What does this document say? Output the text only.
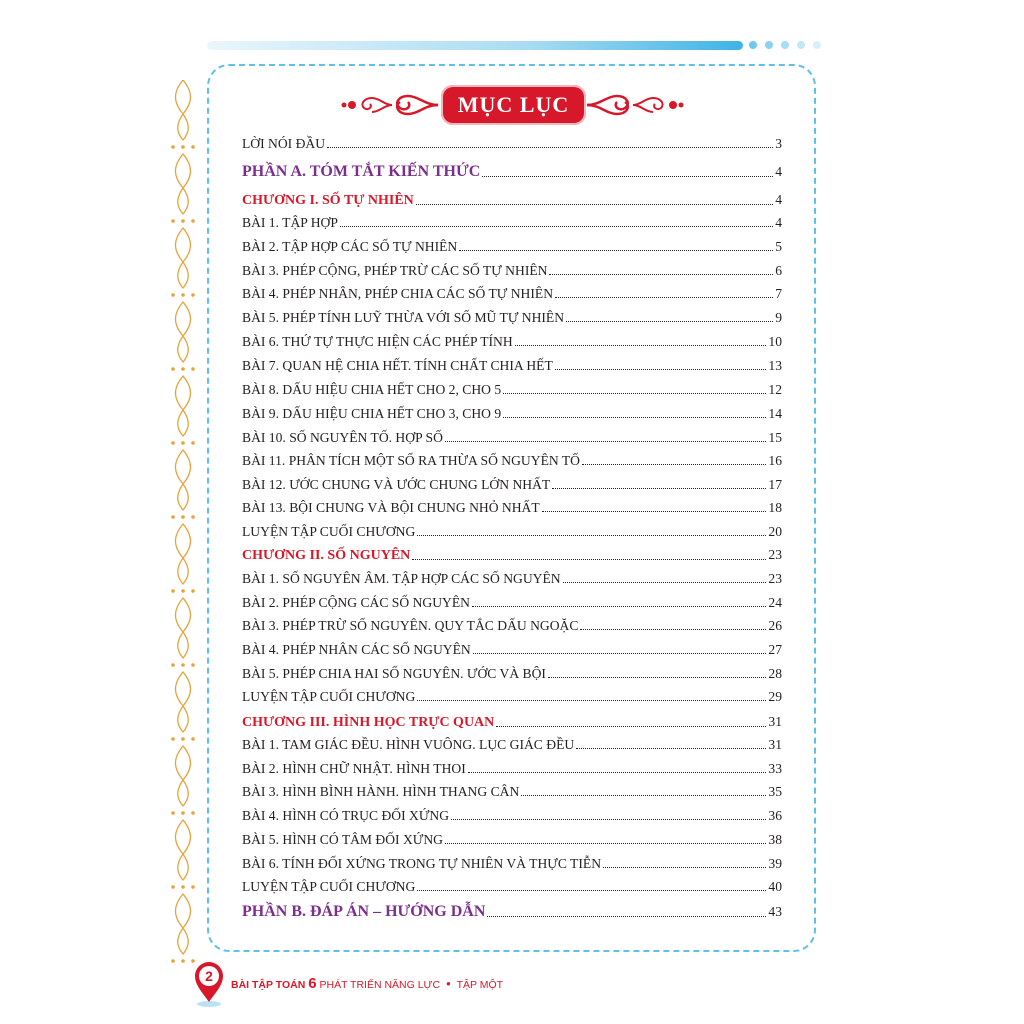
MỤC LỤC
LỜI NÓI ĐẦU	3
PHẦN A. TÓM TẮT KIẾN THỨC	4
CHƯƠNG I. SỐ TỰ NHIÊN	4
BÀI 1. TẬP HỢP	4
BÀI 2. TẬP HỢP CÁC SỐ TỰ NHIÊN	5
BÀI 3. PHÉP CỘNG, PHÉP TRỪ CÁC SỐ TỰ NHIÊN	6
BÀI 4. PHÉP NHÂN, PHÉP CHIA CÁC SỐ TỰ NHIÊN	7
BÀI 5. PHÉP TÍNH LUỸ THỪA VỚI SỐ MŨ TỰ NHIÊN	9
BÀI 6. THỨ TỰ THỰC HIỆN CÁC PHÉP TÍNH	10
BÀI 7. QUAN HỆ CHIA HẾT. TÍNH CHẤT CHIA HẾT	13
BÀI 8. DẤU HIỆU CHIA HẾT CHO 2, CHO 5	12
BÀI 9. DẤU HIỆU CHIA HẾT CHO 3, CHO 9	14
BÀI 10. SỐ NGUYÊN TỐ. HỢP SỐ	15
BÀI 11. PHÂN TÍCH MỘT SỐ RA THỪA SỐ NGUYÊN TỐ	16
BÀI 12. ƯỚC CHUNG VÀ ƯỚC CHUNG LỚN NHẤT	17
BÀI 13. BỘI CHUNG VÀ BỘI CHUNG NHỎ NHẤT	18
LUYỆN TẬP CUỐI CHƯƠNG	20
CHƯƠNG II. SỐ NGUYÊN	23
BÀI 1. SỐ NGUYÊN ÂM. TẬP HỢP CÁC SỐ NGUYÊN	23
BÀI 2. PHÉP CỘNG CÁC SỐ NGUYÊN	24
BÀI 3. PHÉP TRỪ SỐ NGUYÊN. QUY TẮC DẤU NGOẶC	26
BÀI 4. PHÉP NHÂN CÁC SỐ NGUYÊN	27
BÀI 5. PHÉP CHIA HAI SỐ NGUYÊN. ƯỚC VÀ BỘI	28
LUYỆN TẬP CUỐI CHƯƠNG	29
CHƯƠNG III. HÌNH HỌC TRỰC QUAN	31
BÀI 1. TAM GIÁC ĐỀU. HÌNH VUÔNG. LỤC GIÁC ĐỀU	31
BÀI 2. HÌNH CHỮ NHẬT. HÌNH THOI	33
BÀI 3. HÌNH BÌNH HÀNH. HÌNH THANG CÂN	35
BÀI 4. HÌNH CÓ TRỤC ĐỐI XỨNG	36
BÀI 5. HÌNH CÓ TÂM ĐỐI XỨNG	38
BÀI 6. TÍNH ĐỐI XỨNG TRONG TỰ NHIÊN VÀ THỰC TIỄN	39
LUYỆN TẬP CUỐI CHƯƠNG	40
PHẦN B. ĐÁP ÁN – HƯỚNG DẪN	43
2
BÀI TẬP TOÁN 6 PHÁT TRIỂN NĂNG LỰC ● TẬP MỘT
